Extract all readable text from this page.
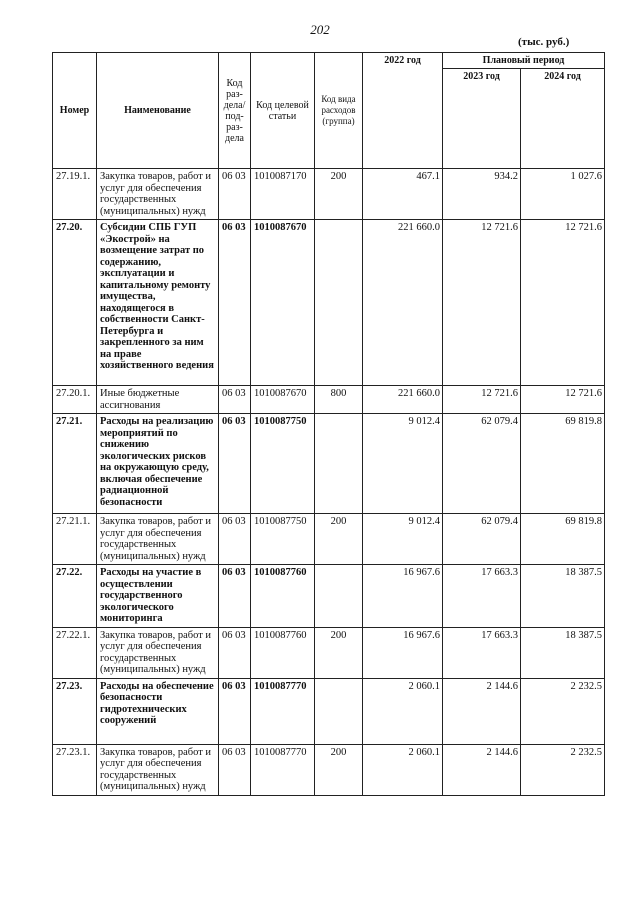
202
(тыс. руб.)
Номер	Наименование	Код раз-дела/ под-раз-дела	Код целевой статьи	Код вида расходов (группа)	2022 год	Плановый период	
						2023 год	2024 год
27.19.1.	Закупка товаров, работ и услуг для обеспечения государственных (муниципальных) нужд	06 03	1010087170	200	467.1	934.2	1 027.6
27.20.	Субсидии СПБ ГУП «Экострой» на возмещение затрат по содержанию, эксплуатации и капитальному ремонту имущества, находящегося в собственности Санкт-Петербурга и закрепленного за ним на праве хозяйственного ведения	06 03	1010087670		221 660.0	12 721.6	12 721.6
27.20.1.	Иные бюджетные ассигнования	06 03	1010087670	800	221 660.0	12 721.6	12 721.6
27.21.	Расходы на реализацию мероприятий по снижению экологических рисков на окружающую среду, включая обеспечение радиационной безопасности	06 03	1010087750		9 012.4	62 079.4	69 819.8
27.21.1.	Закупка товаров, работ и услуг для обеспечения государственных (муниципальных) нужд	06 03	1010087750	200	9 012.4	62 079.4	69 819.8
27.22.	Расходы на участие в осуществлении государственного экологического мониторинга	06 03	1010087760		16 967.6	17 663.3	18 387.5
27.22.1.	Закупка товаров, работ и услуг для обеспечения государственных (муниципальных) нужд	06 03	1010087760	200	16 967.6	17 663.3	18 387.5
27.23.	Расходы на обеспечение безопасности гидротехнических сооружений	06 03	1010087770		2 060.1	2 144.6	2 232.5
27.23.1.	Закупка товаров, работ и услуг для обеспечения государственных (муниципальных) нужд	06 03	1010087770	200	2 060.1	2 144.6	2 232.5
